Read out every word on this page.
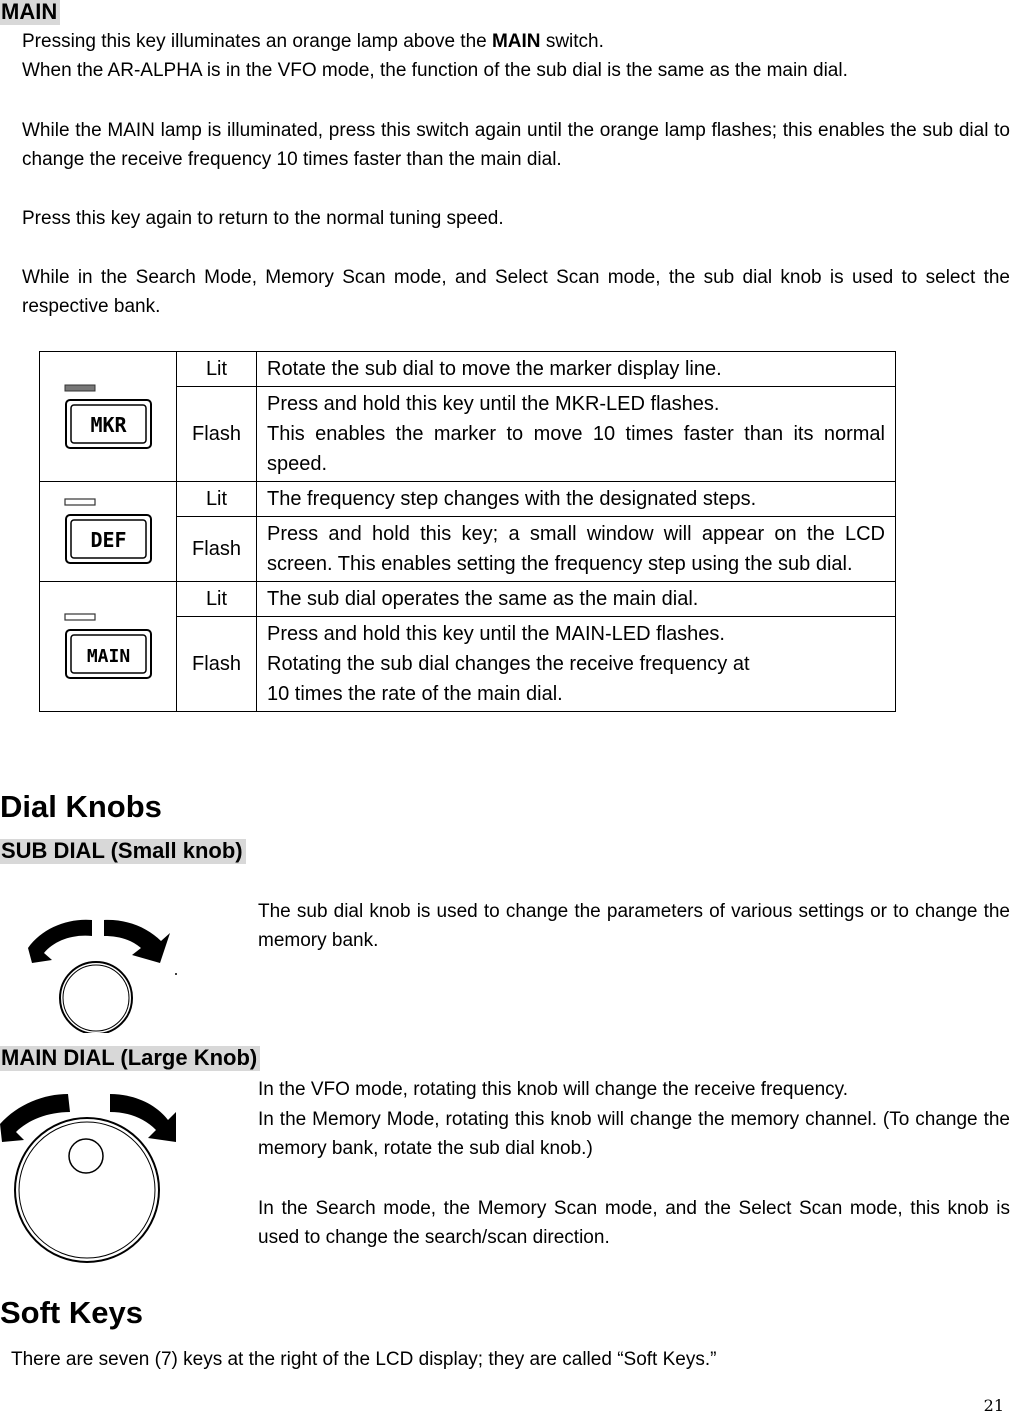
MAIN

Pressing this key illuminates an orange lamp above the MAIN switch.
When the AR-ALPHA is in the VFO mode, the function of the sub dial is the same as the main dial.

While the MAIN lamp is illuminated, press this switch again until the orange lamp flashes; this enables the sub dial to change the receive frequency 10 times faster than the main dial.

Press this key again to return to the normal tuning speed.

While in the Search Mode, Memory Scan mode, and Select Scan mode, the sub dial knob is used to select the respective bank.

MKR	Lit	Rotate the sub dial to move the marker display line.
	Flash	Press and hold this key until the MKR-LED flashes.
This enables the marker to move 10 times faster than its normal speed.

DEF	Lit	The frequency step changes with the designated steps.
	Flash	Press and hold this key; a small window will appear on the LCD screen. This enables setting the frequency step using the sub dial.

MAIN	Lit	The sub dial operates the same as the main dial.
	Flash	Press and hold this key until the MAIN-LED flashes.
Rotating the sub dial changes the receive frequency at
10 times the rate of the main dial.
Dial Knobs
SUB DIAL (Small knob)

The sub dial knob is used to change the parameters of various settings or to change the memory bank.

MAIN DIAL (Large Knob)

In the VFO mode, rotating this knob will change the receive frequency.

In the Memory Mode, rotating this knob will change the memory channel. (To change the memory bank, rotate the sub dial knob.)

In the Search mode, the Memory Scan mode, and the Select Scan mode, this knob is used to change the search/scan direction.

Soft Keys

There are seven (7) keys at the right of the LCD display; they are called “Soft Keys.”

21
